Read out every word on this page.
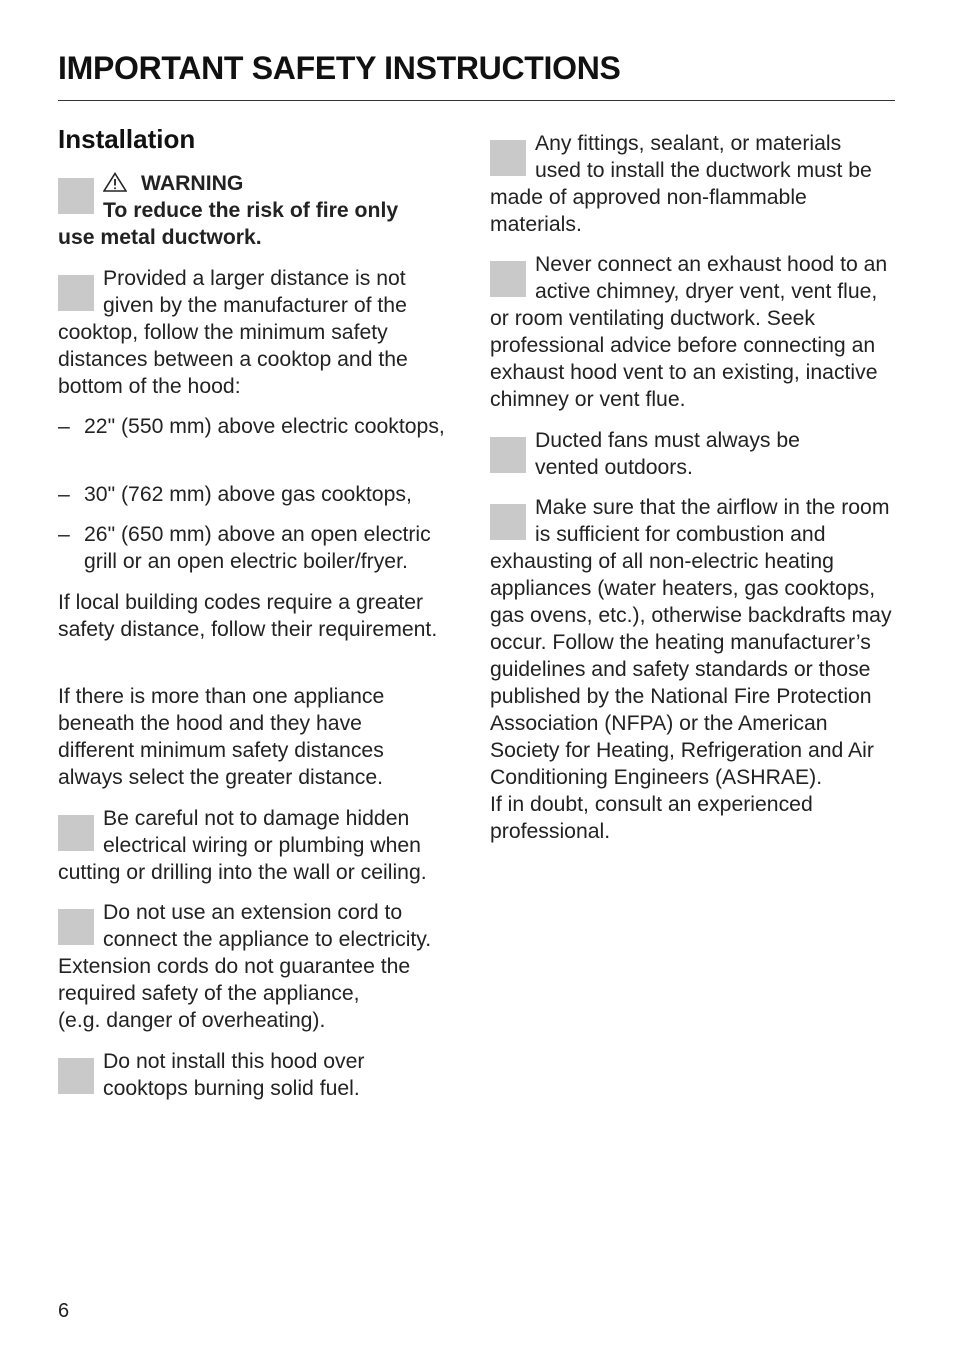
IMPORTANT SAFETY INSTRUCTIONS
Installation
WARNING
To reduce the risk of fire only
use metal ductwork.

Provided a larger distance is not given by the manufacturer of the cooktop, follow the minimum safety distances between a cooktop and the bottom of the hood:

– 22" (550 mm) above electric cooktops,

– 30" (762 mm) above gas cooktops,

– 26" (650 mm) above an open electric grill or an open electric boiler/fryer.

If local building codes require a greater safety distance, follow their requirement.

If there is more than one appliance beneath the hood and they have different minimum safety distances always select the greater distance.

Be careful not to damage hidden electrical wiring or plumbing when cutting or drilling into the wall or ceiling.

Do not use an extension cord to connect the appliance to electricity. Extension cords do not guarantee the required safety of the appliance,
(e.g. danger of overheating).

Do not install this hood over cooktops burning solid fuel.

Any fittings, sealant, or materials used to install the ductwork must be made of approved non-flammable materials.

Never connect an exhaust hood to an active chimney, dryer vent, vent flue, or room ventilating ductwork. Seek professional advice before connecting an exhaust hood vent to an existing, inactive chimney or vent flue.

Ducted fans must always be vented outdoors.

Make sure that the airflow in the room is sufficient for combustion and exhausting of all non-electric heating appliances (water heaters, gas cooktops, gas ovens, etc.), otherwise backdrafts may occur. Follow the heating manufacturer’s guidelines and safety standards or those published by the National Fire Protection Association (NFPA) or the American Society for Heating, Refrigeration and Air Conditioning Engineers (ASHRAE).
If in doubt, consult an experienced professional.
6
